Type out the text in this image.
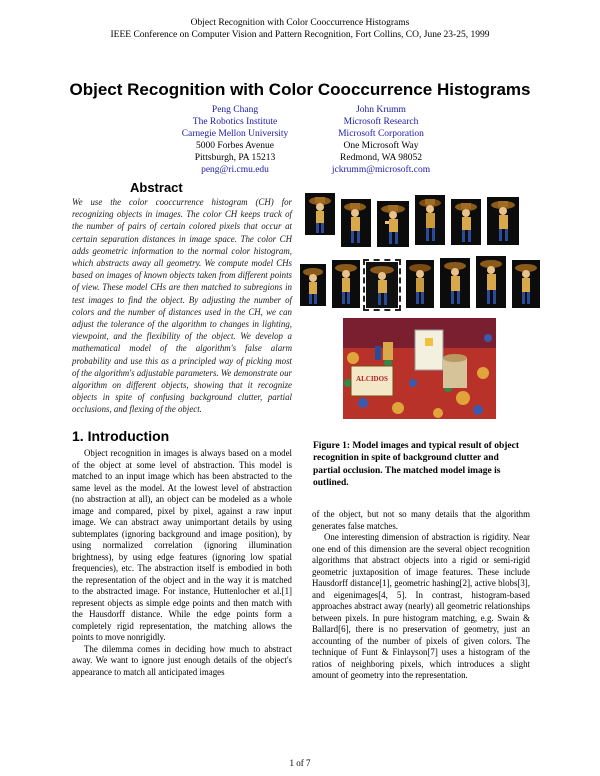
Object Recognition with Color Cooccurrence Histograms
IEEE Conference on Computer Vision and Pattern Recognition, Fort Collins, CO, June 23-25, 1999
Object Recognition with Color Cooccurrence Histograms
Peng Chang
The Robotics Institute
Carnegie Mellon University
5000 Forbes Avenue
Pittsburgh, PA 15213
peng@ri.cmu.edu
John Krumm
Microsoft Research
Microsoft Corporation
One Microsoft Way
Redmond, WA 98052
jckrumm@microsoft.com
Abstract
We use the color cooccurrence histogram (CH) for recognizing objects in images. The color CH keeps track of the number of pairs of certain colored pixels that occur at certain separation distances in image space. The color CH adds geometric information to the normal color histogram, which abstracts away all geometry. We compute model CHs based on images of known objects taken from different points of view. These model CHs are then matched to subregions in test images to find the object. By adjusting the number of colors and the number of distances used in the CH, we can adjust the tolerance of the algorithm to changes in lighting, viewpoint, and the flexibility of the object. We develop a mathematical model of the algorithm's false alarm probability and use this as a principled way of picking most of the algorithm's adjustable parameters. We demonstrate our algorithm on different objects, showing that it recognize objects in spite of confusing background clutter, partial occlusions, and flexing of the object.
1. Introduction

Object recognition in images is always based on a model of the object at some level of abstraction. This model is matched to an input image which has been abstracted to the same level as the model. At the lowest level of abstraction (no abstraction at all), an object can be modeled as a whole image and compared, pixel by pixel, against a raw input image. We can abstract away unimportant details by using subtemplates (ignoring background and image position), by using normalized correlation (ignoring illumination brightness), by using edge features (ignoring low spatial frequencies), etc. The abstraction itself is embodied in both the representation of the object and in the way it is matched to the abstracted image. For instance, Huttenlocher et al.[1] represent objects as simple edge points and then match with the Hausdorff distance. While the edge points form a completely rigid representation, the matching allows the points to move nonrigidly.

The dilemma comes in deciding how much to abstract away. We want to ignore just enough details of the object's appearance to match all anticipated images

ALCIDOS
Figure 1: Model images and typical result of object recognition in spite of background clutter and partial occlusion. The matched model image is outlined.

of the object, but not so many details that the algorithm generates false matches.

One interesting dimension of abstraction is rigidity. Near one end of this dimension are the several object recognition algorithms that abstract objects into a rigid or semi-rigid geometric juxtaposition of image features. These include Hausdorff distance[1], geometric hashing[2], active blobs[3], and eigenimages[4, 5]. In contrast, histogram-based approaches abstract away (nearly) all geometric relationships between pixels. In pure histogram matching, e.g. Swain & Ballard[6], there is no preservation of geometry, just an accounting of the number of pixels of given colors. The technique of Funt & Finlayson[7] uses a histogram of the ratios of neighboring pixels, which introduces a slight amount of geometry into the representation.

1 of 7
